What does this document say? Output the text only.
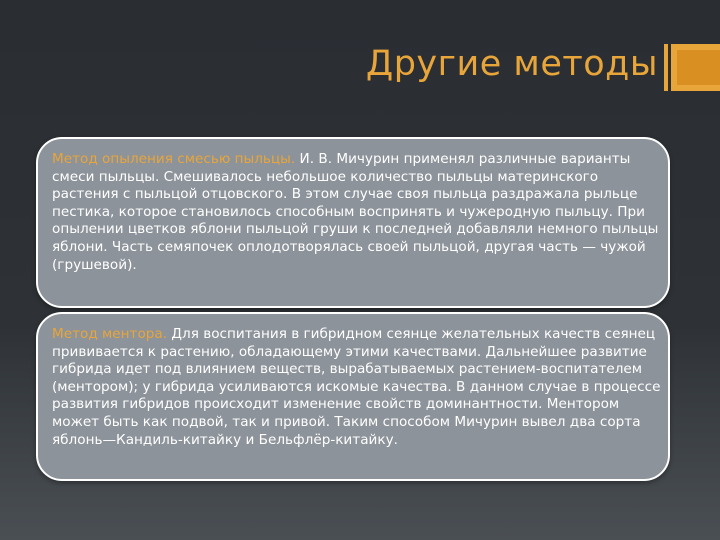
Другие методы
Метод опыления смесью пыльцы. И. В. Мичурин применял различные варианты смеси пыльцы. Смешивалось небольшое количество пыльцы материнского растения с пыльцой отцовского. В этом случае своя пыльца раздражала рыльце пестика, которое становилось способным воспринять и чужеродную пыльцу. При опылении цветков яблони пыльцой груши к последней добавляли немного пыльцы яблони. Часть семяпочек оплодотворялась своей пыльцой, другая часть — чужой (грушевой).
Метод ментора. Для воспитания в гибридном сеянце желательных качеств сеянец прививается к растению, обладающему этими качествами. Дальнейшее развитие гибрида идет под влиянием веществ, вырабатываемых растением-воспитателем (ментором); у гибрида усиливаются искомые качества. В данном случае в процессе развития гибридов происходит изменение свойств доминантности. Ментором может быть как подвой, так и привой. Таким способом Мичурин вывел два сорта яблонь—Кандиль-китайку и Бельфлёр-китайку.
